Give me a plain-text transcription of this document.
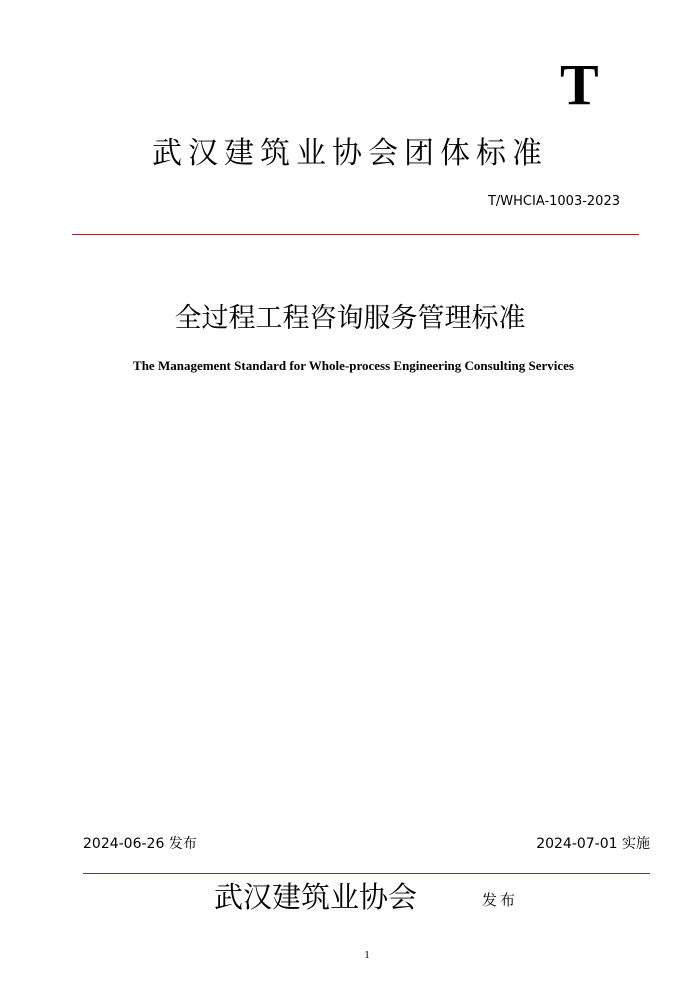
T
武汉建筑业协会团体标准
T/WHCIA-1003-2023
全过程工程咨询服务管理标准
The Management Standard for Whole-process Engineering Consulting Services
2024-06-26 发布	2024-07-01 实施
武汉建筑业协会	发布
1
